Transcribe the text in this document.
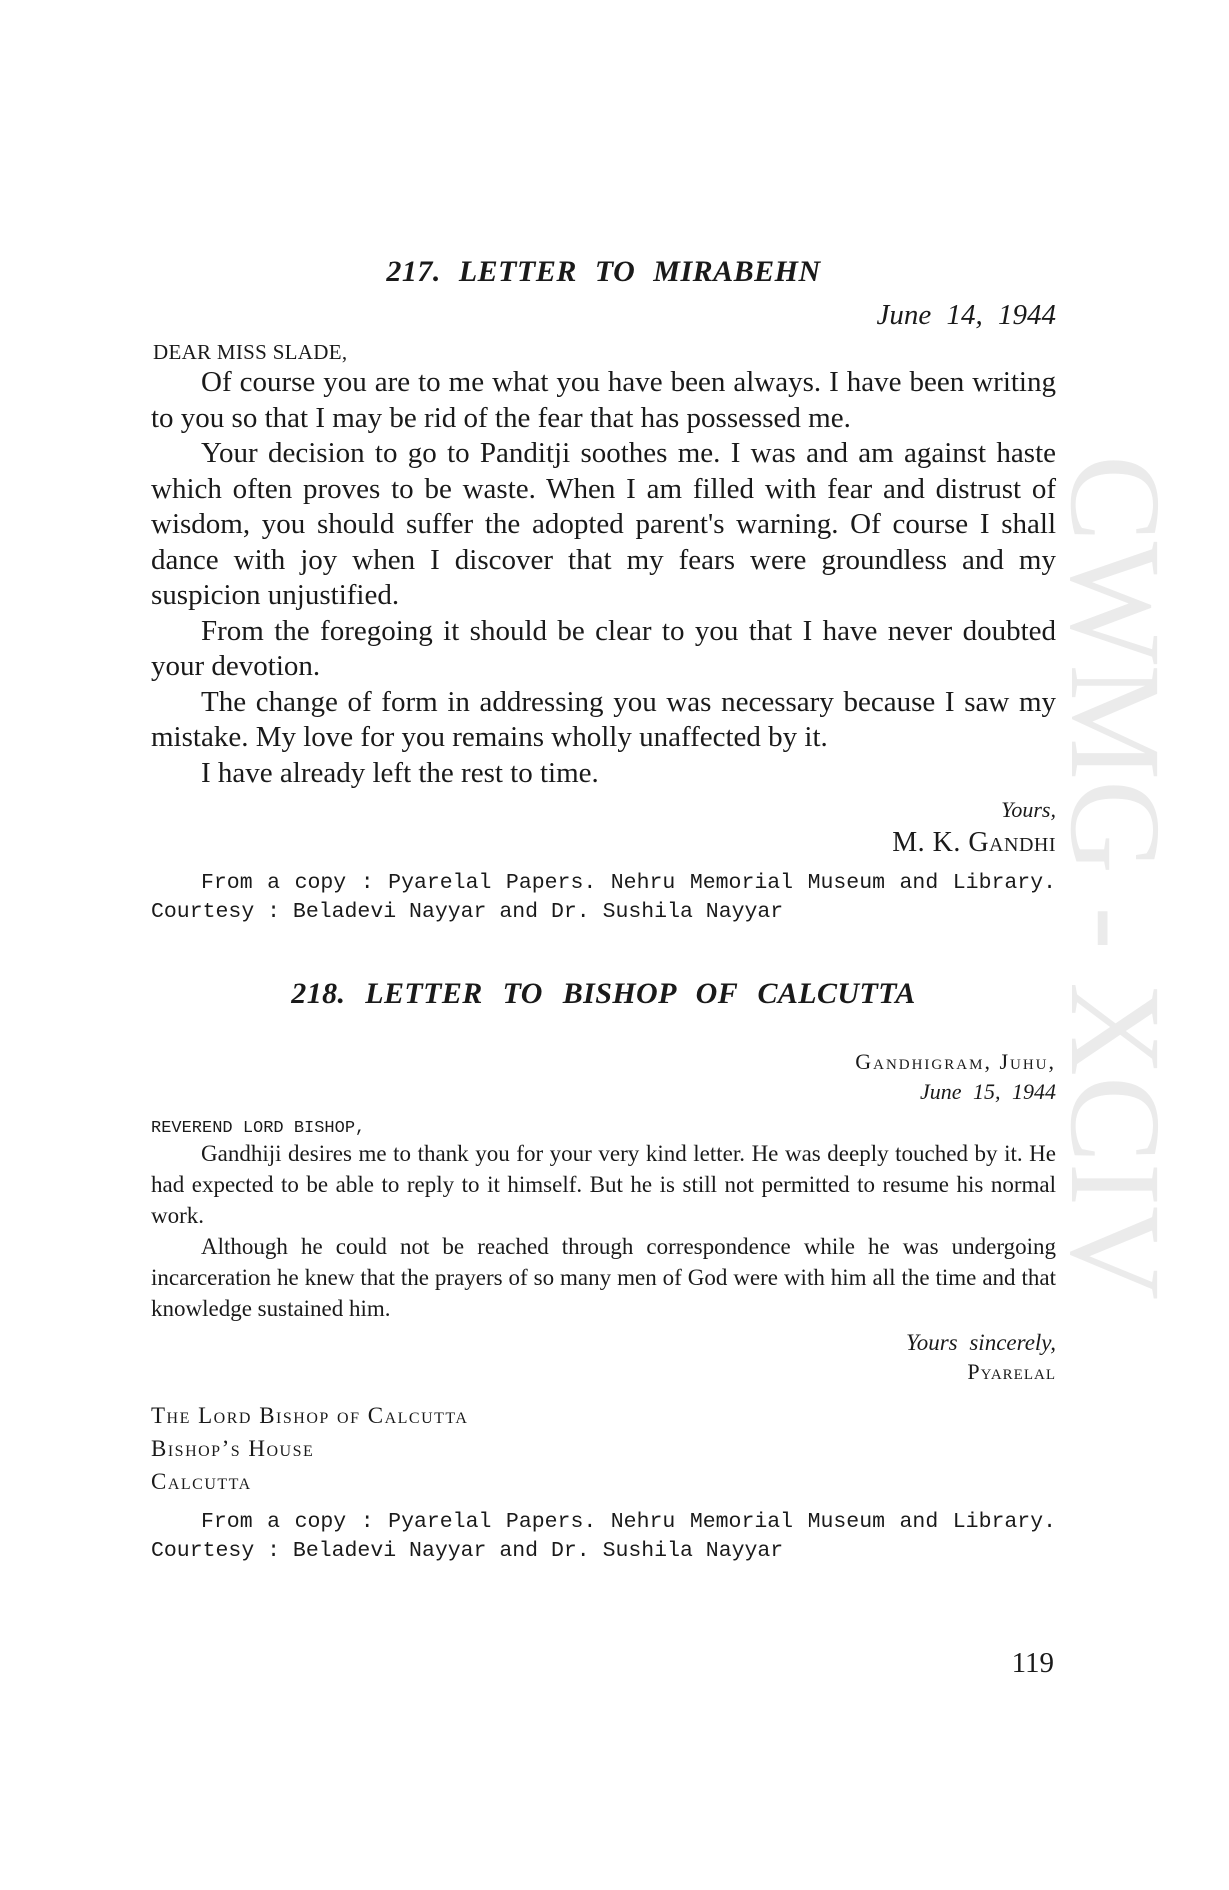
CWMG - XCIV
217. LETTER TO MIRABEHN

June 14, 1944

DEAR MISS SLADE,

Of course you are to me what you have been always. I have been writing to you so that I may be rid of the fear that has possessed me.

Your decision to go to Panditji soothes me. I was and am against haste which often proves to be waste. When I am filled with fear and distrust of wisdom, you should suffer the adopted parent's warning. Of course I shall dance with joy when I discover that my fears were groundless and my suspicion unjustified.

From the foregoing it should be clear to you that I have never doubted your devotion.

The change of form in addressing you was necessary because I saw my mistake. My love for you remains wholly unaffected by it.

I have already left the rest to time.

Yours,

M. K. Gandhi

From a copy : Pyarelal Papers. Nehru Memorial Museum and Library. Courtesy : Beladevi Nayyar and Dr. Sushila Nayyar

218. LETTER TO BISHOP OF CALCUTTA

Gandhigram, Juhu,

June 15, 1944

REVEREND LORD BISHOP,

Gandhiji desires me to thank you for your very kind letter. He was deeply touched by it. He had expected to be able to reply to it himself. But he is still not permitted to resume his normal work.

Although he could not be reached through correspondence while he was undergoing incarceration he knew that the prayers of so many men of God were with him all the time and that knowledge sustained him.

Yours sincerely,

Pyarelal

The Lord Bishop of Calcutta
Bishop’s House
Calcutta

From a copy : Pyarelal Papers. Nehru Memorial Museum and Library. Courtesy : Beladevi Nayyar and Dr. Sushila Nayyar

119
